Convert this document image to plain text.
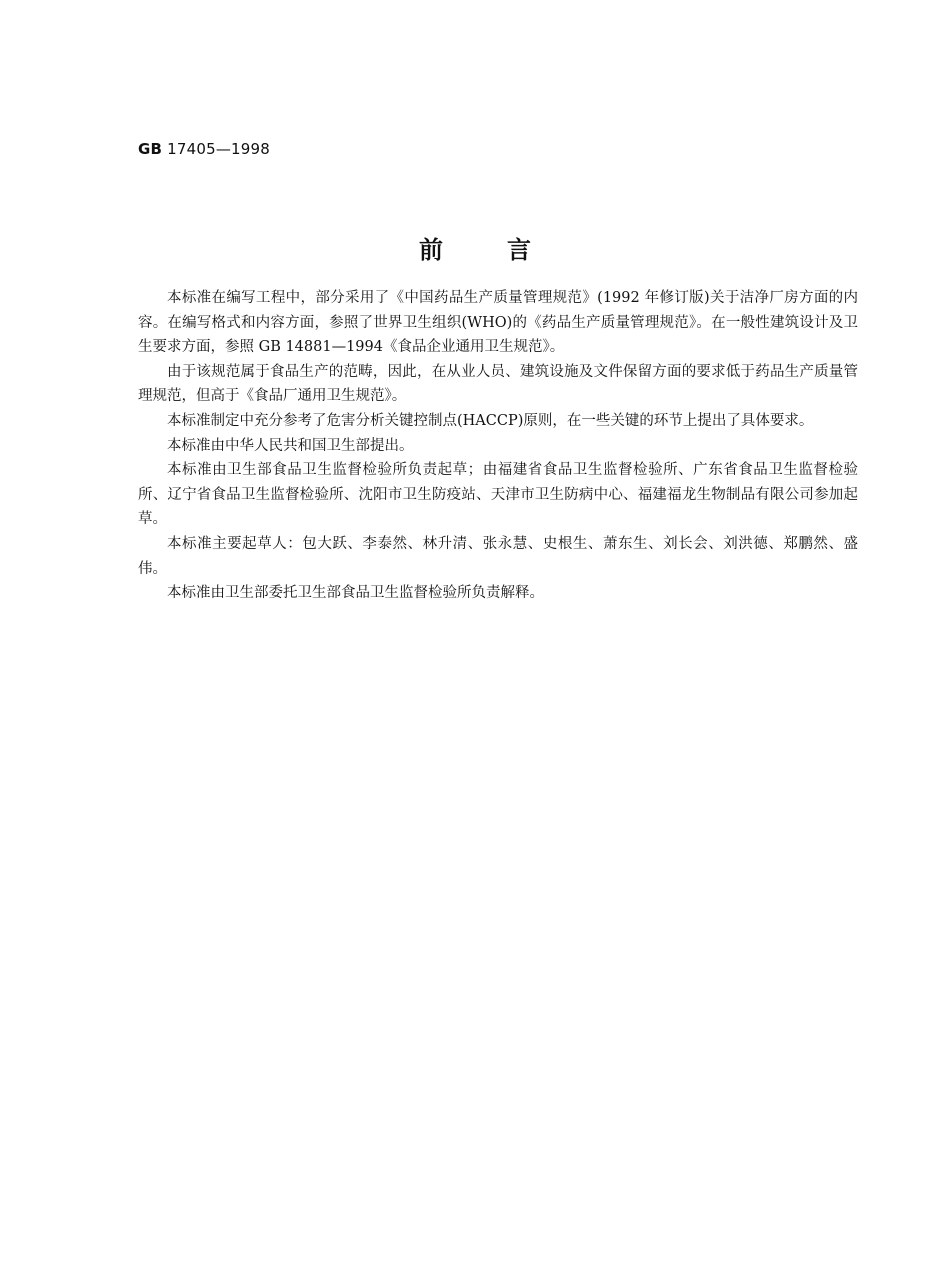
GB 17405—1998
前言

本标准在编写工程中，部分采用了《中国药品生产质量管理规范》(1992 年修订版)关于洁净厂房方面的内容。在编写格式和内容方面，参照了世界卫生组织(WHO)的《药品生产质量管理规范》。在一般性建筑设计及卫生要求方面，参照 GB 14881—1994《食品企业通用卫生规范》。

由于该规范属于食品生产的范畴，因此，在从业人员、建筑设施及文件保留方面的要求低于药品生产质量管理规范，但高于《食品厂通用卫生规范》。

本标准制定中充分参考了危害分析关键控制点(HACCP)原则，在一些关键的环节上提出了具体要求。

本标准由中华人民共和国卫生部提出。

本标准由卫生部食品卫生监督检验所负责起草；由福建省食品卫生监督检验所、广东省食品卫生监督检验所、辽宁省食品卫生监督检验所、沈阳市卫生防疫站、天津市卫生防病中心、福建福龙生物制品有限公司参加起草。

本标准主要起草人：包大跃、李泰然、林升清、张永慧、史根生、萧东生、刘长会、刘洪德、郑鹏然、盛伟。

本标准由卫生部委托卫生部食品卫生监督检验所负责解释。
